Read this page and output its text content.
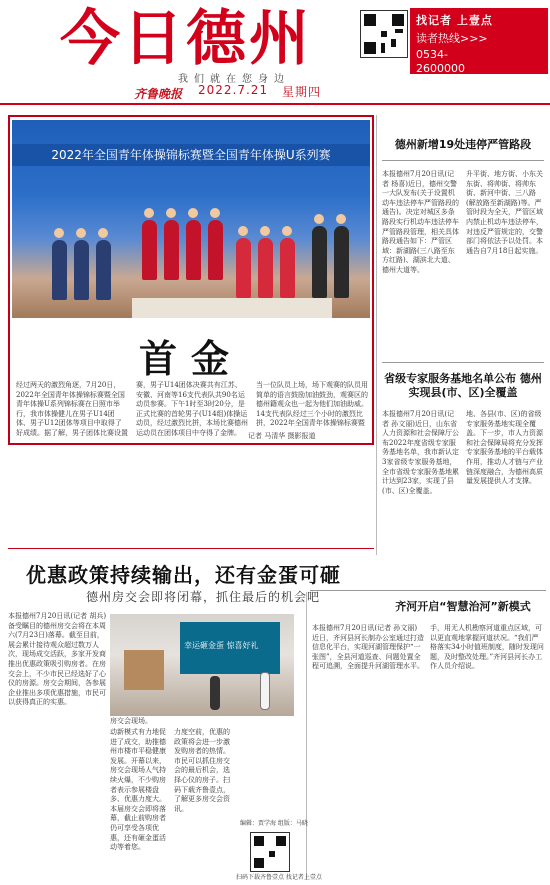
今日德州
我们就在您身边
齐鲁晚报 2022.7.21 星期四
找记者 上壹点
读者热线>>>
0534-
2600000
2022年全国青年体操锦标赛暨全国青年体操U系列赛
首金
经过两天的激烈角逐，7月20日，2022年全国青年体操锦标赛暨全国青年体操U系列锦标赛在日照市举行，我市体操健儿在男子U14团体、男子U12团体等项目中取得了好成绩。据了解，男子团体比赛设置
赛，男子U14团体决赛共有江苏、安徽、河南等16支代表队共90名运动员参赛。下午1时至3时20分，是正式比赛的首轮男子(U14组)体操运动员，经过激烈比拼，本场比赛德州运动员在团体项目中夺得了金牌。
当一位队员上场，场下观赛的队员用简单的语言鼓励加油鼓劲，观赛区的德州籍观众也一起为他们加油助威。14支代表队经过三个小时的激烈比拼，2022年全国青年体操锦标赛暨
记者 马清华 摄影报道
德州新增19处违停严管路段
本报德州7月20日讯(记者 杨喜)近日，德州交警一大队发布(关于设置机动车违法停车严管路段的通告)。决定对城区多条路段实行机动车违法停车严管路段管理，相关具体路段通告如下：严管区域：新湖路(三八路至东方红路)、湖滨北大道、德州大道等。
升平街、地方街、小东关东街、将帅街、将帅东街、新河中街、三八路(解放路至新湖路)等。严管时段为全天，严管区域内禁止机动车违法停车，对违反严管规定的，交警部门将依法予以处罚。本通告自7月18日起实施。
省级专家服务基地名单公布 德州实现县(市、区)全覆盖
本报德州7月20日讯(记者 孙文丽)近日，山东省人力资源和社会保障厅公布2022年度省级专家服务基地名单，我市新认定3家省级专家服务基地，全市省级专家服务基地累计达到23家，实现了县(市、区)全覆盖。
地、各县(市、区)的省级专家服务基地实现全覆盖。下一步，市人力资源和社会保障局将充分发挥专家服务基地的平台载体作用，推动人才链与产业链深度融合，为德州高质量发展提供人才支撑。
齐河开启“智慧治河”新模式
本报德州7月20日讯(记者 孙文丽)近日，齐河县河长制办公室通过打造信息化平台，实现河湖管理保护“一张图”，全县河道巡查、问题处置全程可追溯，全面提升河湖管理水平。
手，用无人机勘察河道重点区域，可以更直观地掌握河道状况。“我们严格落实34小时值班制度，随时发现问题，及时整改处理。”齐河县河长办工作人员介绍说。
优惠政策持续输出，还有金蛋可砸
德州房交会即将闭幕，抓住最后的机会吧
本报德州7月20日讯(记者 胡兵)备受瞩目的德州房交会将在本周六(7月23日)落幕。截至目前，展会累计接待观众超过数万人次，现场成交活跃，多家开发商推出优惠政策吸引购房者。在房交会上，不少市民已经选好了心仪的房源。房交会期间，各参展企业推出多项优惠措施，市民可以获得真正的实惠。
幸运砸金蛋 惊喜好礼
房交会现场。
动新模式有力地促进了成交，助推德州市楼市平稳健康发展。开幕以来，房交会现场人气持续火爆，不少购房者表示参展楼盘多、优惠力度大。本届房交会即将落幕，截止前购房者仍可享受各项优惠，还有砸金蛋活动等着您。
力度空前，优惠的政策将会进一步激发购房者的热情。市民可以抓住房交会的最后机会，选择心仪的房子。扫码下载齐鲁壹点，了解更多房交会资讯。
编辑：贾学海 组版：马晓
扫码下载齐鲁壹点 找记者上壹点
